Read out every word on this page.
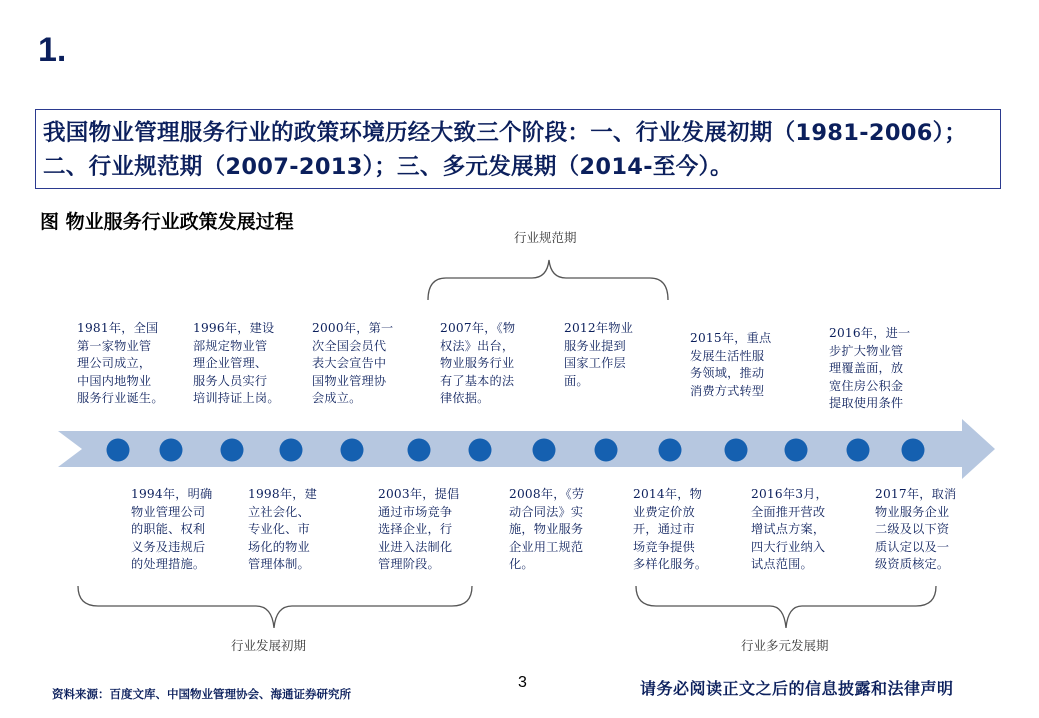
1.
我国物业管理服务行业的政策环境历经大致三个阶段：一、行业发展初期（1981-2006）；二、行业规范期（2007-2013）；三、多元发展期（2014-至今）。
图 物业服务行业政策发展过程
行业规范期
行业发展初期	行业多元发展期
1981年，全国
第一家物业管
理公司成立，
中国内地物业
服务行业诞生。
1996年，建设
部规定物业管
理企业管理、
服务人员实行
培训持证上岗。
2000年，第一
次全国会员代
表大会宣告中
国物业管理协
会成立。
2007年，《物
权法》出台，
物业服务行业
有了基本的法
律依据。
2012年物业
服务业提到
国家工作层
面。
2015年，重点
发展生活性服
务领域，推动
消费方式转型
2016年，进一
步扩大物业管
理覆盖面，放
宽住房公积金
提取使用条件
1994年，明确
物业管理公司
的职能、权利
义务及违规后
的处理措施。
1998年，建
立社会化、
专业化、市
场化的物业
管理体制。
2003年，提倡
通过市场竞争
选择企业，行
业进入法制化
管理阶段。
2008年，《劳
动合同法》实
施，物业服务
企业用工规范
化。
2014年，物
业费定价放
开，通过市
场竞争提供
多样化服务。
2016年3月，
全面推开营改
增试点方案，
四大行业纳入
试点范围。
2017年，取消
物业服务企业
二级及以下资
质认定以及一
级资质核定。
资料来源：百度文库、中国物业管理协会、海通证券研究所
3	请务必阅读正文之后的信息披露和法律声明
